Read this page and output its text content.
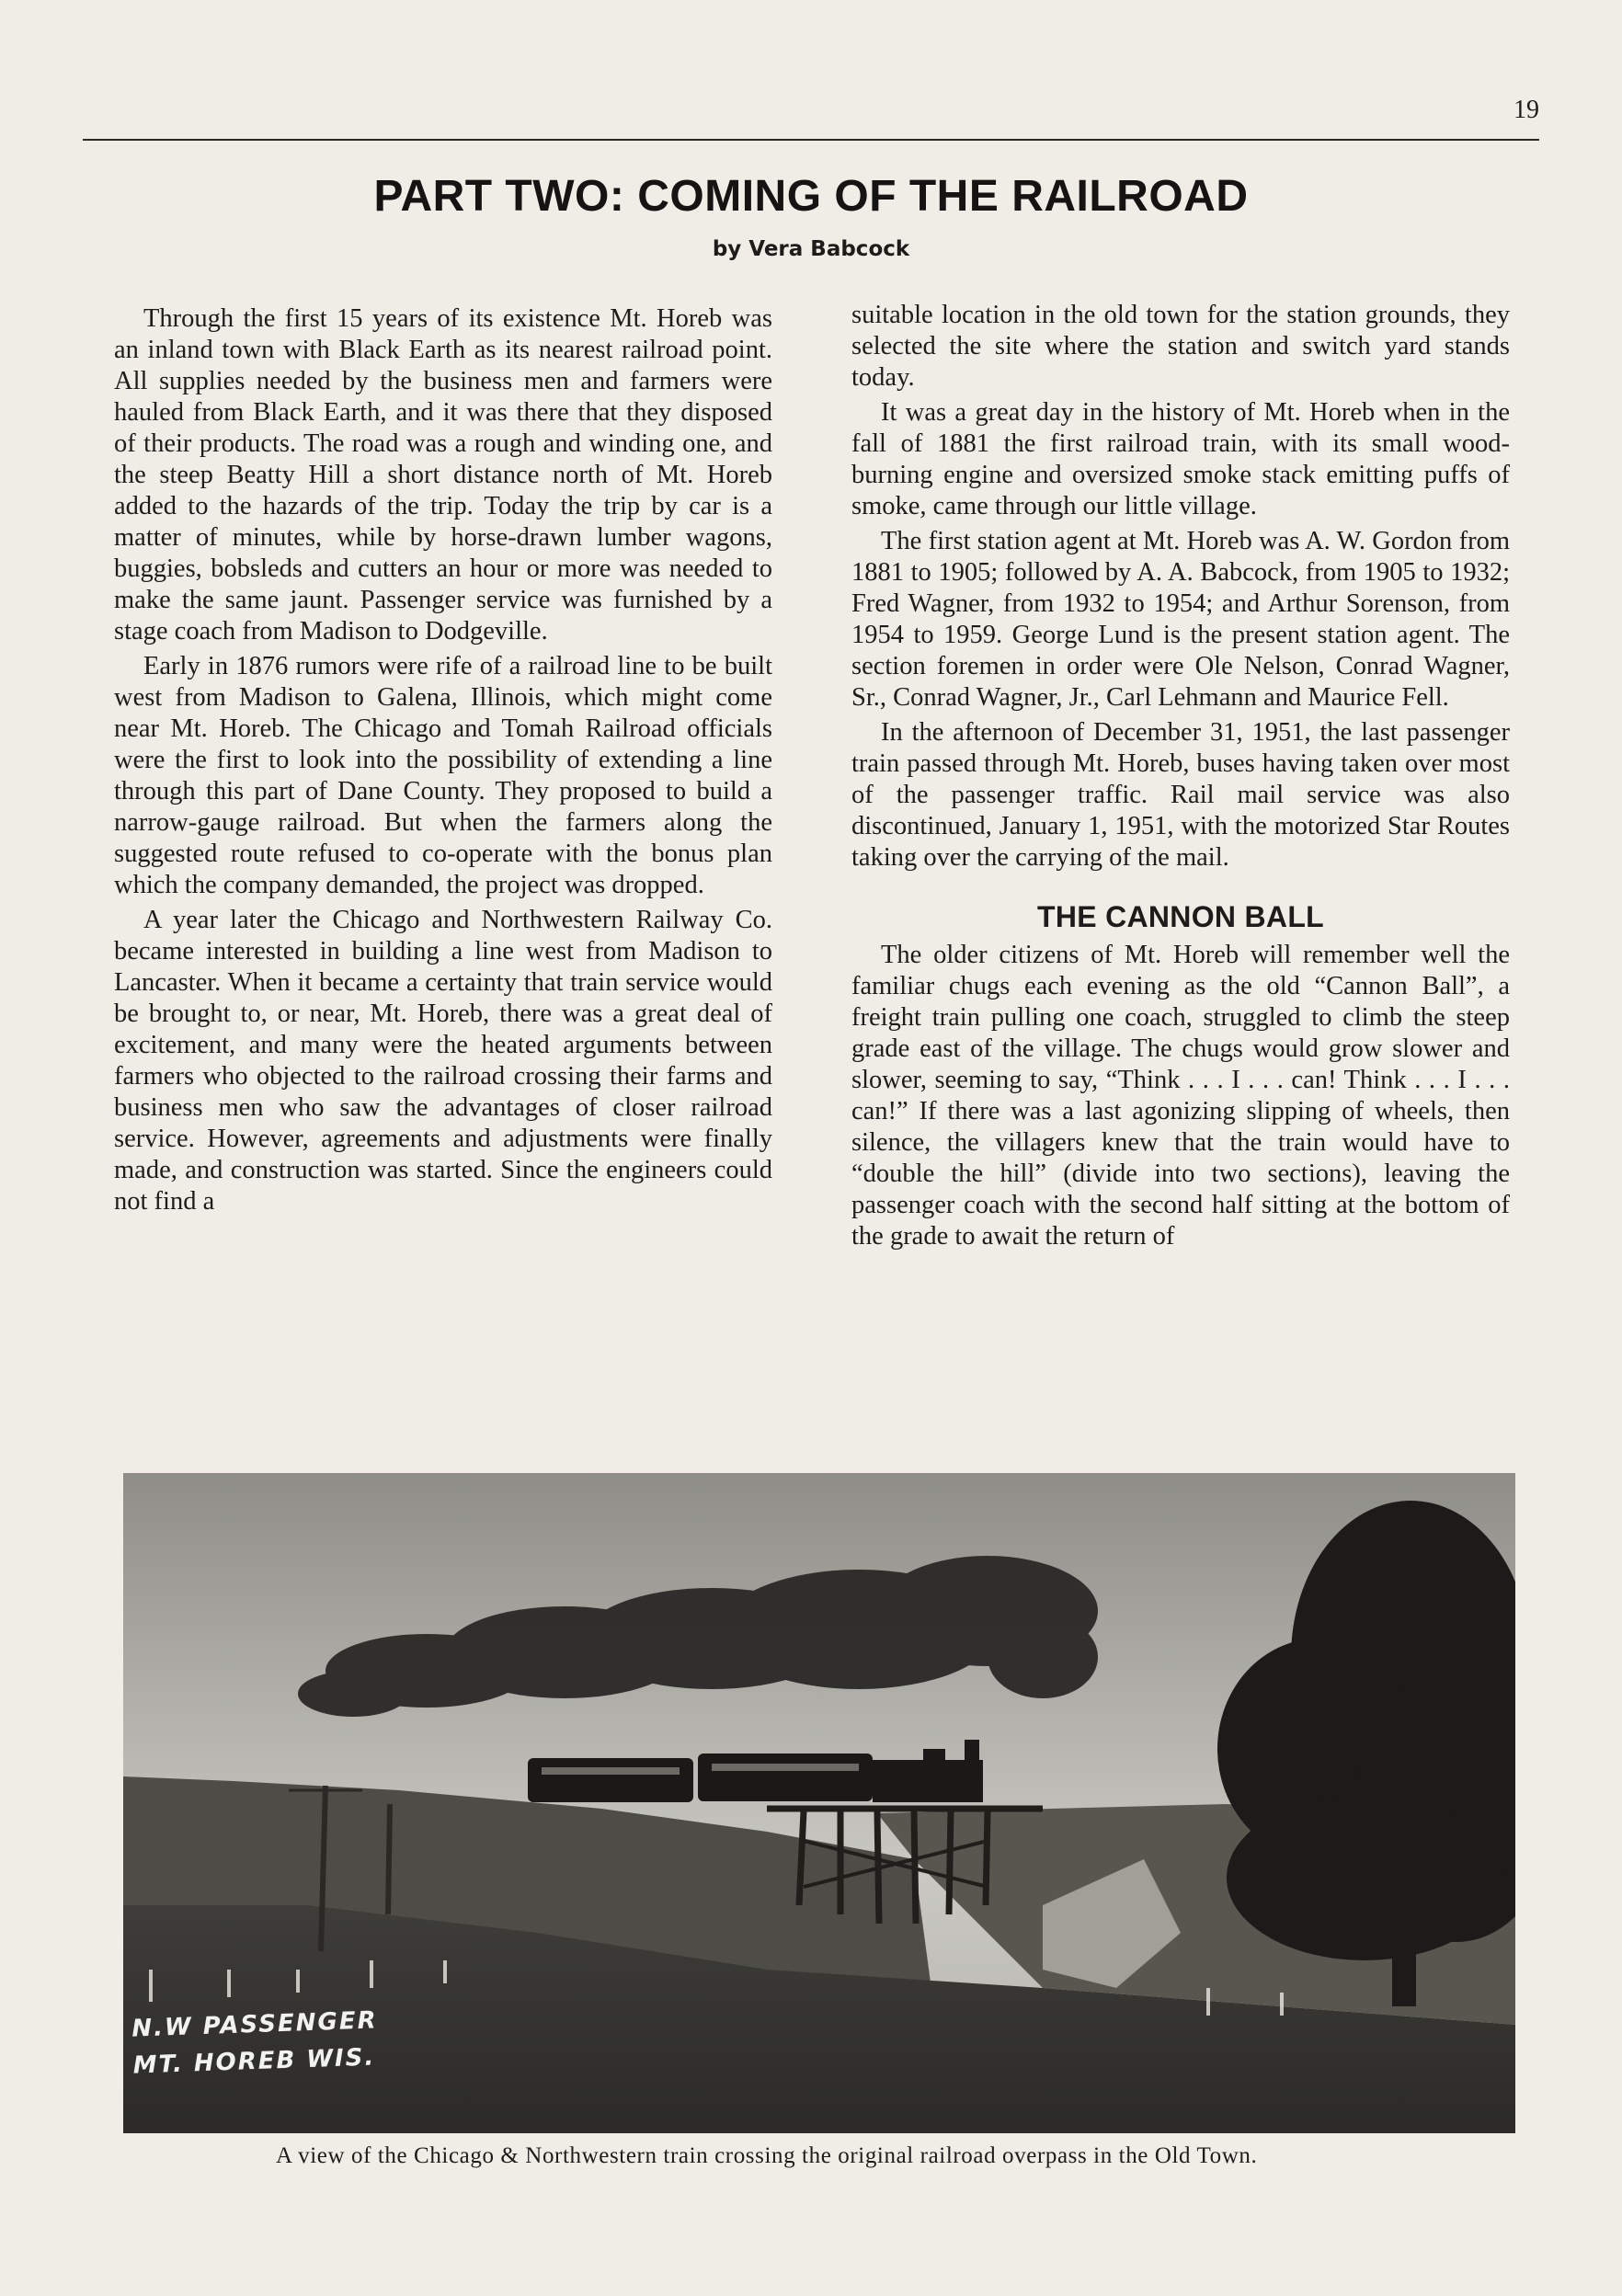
19
PART TWO: COMING OF THE RAILROAD
by Vera Babcock

Through the first 15 years of its existence Mt. Horeb was an inland town with Black Earth as its nearest railroad point. All supplies needed by the business men and farmers were hauled from Black Earth, and it was there that they disposed of their products. The road was a rough and winding one, and the steep Beatty Hill a short distance north of Mt. Horeb added to the hazards of the trip. Today the trip by car is a matter of minutes, while by horse-drawn lumber wagons, buggies, bobsleds and cutters an hour or more was needed to make the same jaunt. Passenger service was furnished by a stage coach from Madison to Dodgeville.

Early in 1876 rumors were rife of a railroad line to be built west from Madison to Galena, Illinois, which might come near Mt. Horeb. The Chicago and Tomah Railroad officials were the first to look into the possibility of extending a line through this part of Dane County. They proposed to build a narrow-gauge railroad. But when the farmers along the suggested route refused to co-operate with the bonus plan which the company demanded, the project was dropped.

A year later the Chicago and Northwestern Railway Co. became interested in building a line west from Madison to Lancaster. When it became a certainty that train service would be brought to, or near, Mt. Horeb, there was a great deal of excitement, and many were the heated arguments between farmers who objected to the railroad crossing their farms and business men who saw the advantages of closer railroad service. However, agreements and adjustments were finally made, and construction was started. Since the engineers could not find a

suitable location in the old town for the station grounds, they selected the site where the station and switch yard stands today.

It was a great day in the history of Mt. Horeb when in the fall of 1881 the first railroad train, with its small wood-burning engine and oversized smoke stack emitting puffs of smoke, came through our little village.

The first station agent at Mt. Horeb was A. W. Gordon from 1881 to 1905; followed by A. A. Babcock, from 1905 to 1932; Fred Wagner, from 1932 to 1954; and Arthur Sorenson, from 1954 to 1959. George Lund is the present station agent. The section foremen in order were Ole Nelson, Conrad Wagner, Sr., Conrad Wagner, Jr., Carl Lehmann and Maurice Fell.

In the afternoon of December 31, 1951, the last passenger train passed through Mt. Horeb, buses having taken over most of the passenger traffic. Rail mail service was also discontinued, January 1, 1951, with the motorized Star Routes taking over the carrying of the mail.

THE CANNON BALL

The older citizens of Mt. Horeb will remember well the familiar chugs each evening as the old “Cannon Ball”, a freight train pulling one coach, struggled to climb the steep grade east of the village. The chugs would grow slower and slower, seeming to say, “Think . . . I . . . can! Think . . . I . . . can!” If there was a last agonizing slipping of wheels, then silence, the villagers knew that the train would have to “double the hill” (divide into two sections), leaving the passenger coach with the second half sitting at the bottom of the grade to await the return of

N.W PASSENGER
MT. HOREB WIS.
A view of the Chicago & Northwestern train crossing the original railroad overpass in the Old Town.
